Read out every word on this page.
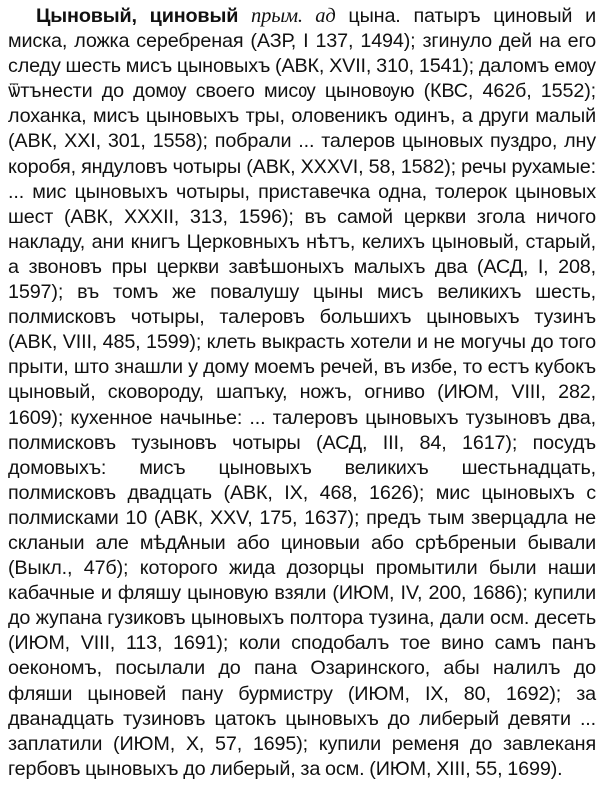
Цыновый, циновый прым. ад цына. патыръ циновый и миска, ложка серебреная (АЗР, I 137, 1494); згинуло дей на его следу шесть мисъ цыновыхъ (АВК, XVII, 310, 1541); даломъ емѹ ѿтънести до домѹ своего мисѹ цыновѹю (КВС, 462б, 1552); лоханка, мисъ цыновыхъ тры, оловеникъ одинъ, а други малый (АВК, XXI, 301, 1558); побрали ... талеров цыновых пуздро, лну коробя, яндуловъ чотыры (АВК, XXXVI, 58, 1582); речы рухамые: ... мис цыновыхъ чотыры, приставечка одна, толерок цыновых шест (АВК, XXXII, 313, 1596); въ самой церкви згола ничого накладу, ани книгъ Церковныхъ нѣтъ, келихъ цыновый, старый, а звоновъ пры церкви завѣшоныхъ малыхъ два (АСД, I, 208, 1597); въ томъ же повалушу цыны мисъ великихъ шесть, полмисковъ чотыры, талеровъ большихъ цыновыхъ тузинъ (АВК, VIII, 485, 1599); клеть выкрасть хотели и не могучы до того прыти, што знашли у дому моемъ речей, въ избе, то естъ кубокъ цыновый, сковороду, шапъку, ножъ, огниво (ИЮМ, VIII, 282, 1609); кухенное начынье: ... талеровъ цыновыхъ тузыновъ два, полмисковъ тузыновъ чотыры (АСД, III, 84, 1617); посудъ домовыхъ: мисъ цыновыхъ великихъ шестьнадцать, полмисковъ двадцать (АВК, IX, 468, 1626); мис цыновыхъ с полмисками 10 (АВК, XXV, 175, 1637); предъ тым зверцадла не скланыи але мѣдѦныи або циновыи або срѣбреныи бывали (Выкл., 47б); которого жида дозорцы промытили были наши кабачные и фляшу цыновую взяли (ИЮМ, IV, 200, 1686); купили до жупана гузиковъ цыновыхъ полтора тузина, дали осм. десеть (ИЮМ, VIII, 113, 1691); коли сподобалъ тое вино самъ панъ оекономъ, посылали до пана Озаринского, абы налилъ до фляши цыновей пану бурмистру (ИЮМ, IX, 80, 1692); за дванадцать тузиновъ цатокъ цыновыхъ до либерый девяти ... заплатили (ИЮМ, X, 57, 1695); купили ременя до завлеканя гербовъ цыновыхъ до либерый, за осм. (ИЮМ, XIII, 55, 1699).
